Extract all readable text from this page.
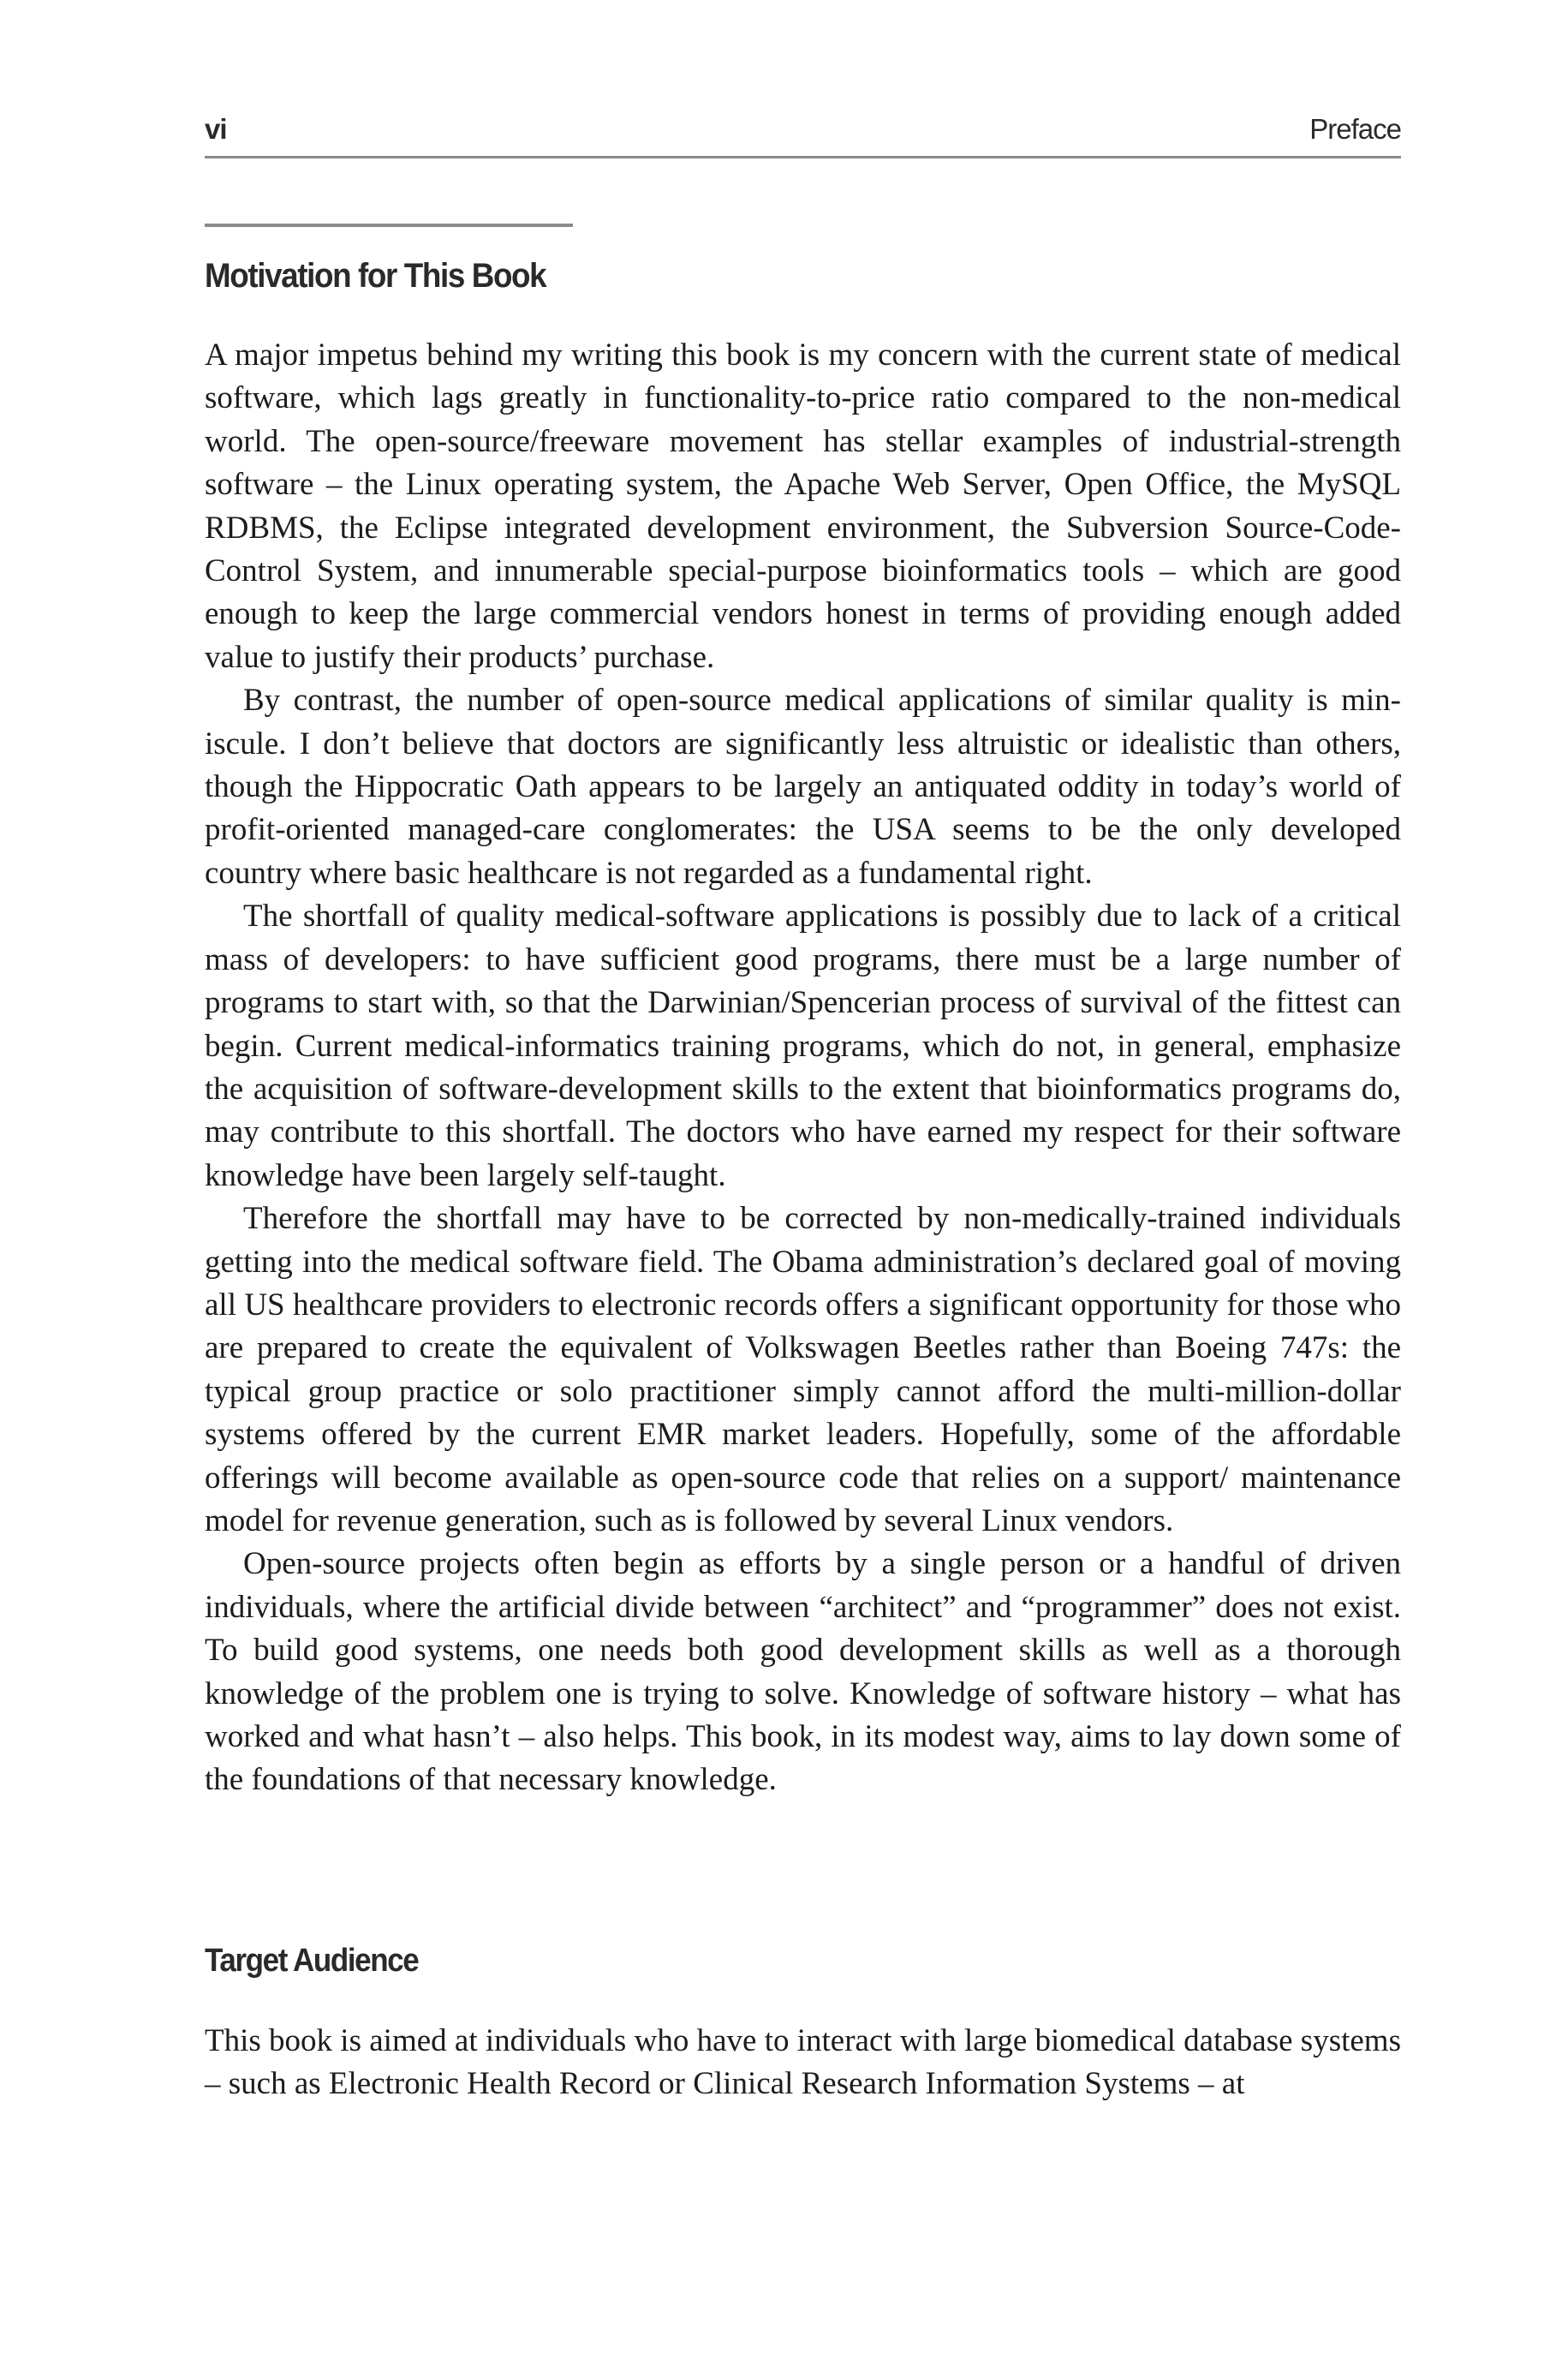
vi	Preface
Motivation for This Book

A major impetus behind my writing this book is my concern with the current state of medical software, which lags greatly in functionality-to-price ratio compared to the non-medical world. The open-source/freeware movement has stellar examples of industrial-strength software – the Linux operating system, the Apache Web Server, Open Office, the MySQL RDBMS, the Eclipse integrated development environment, the Subversion Source-Code-Control System, and innumerable special-purpose bioinformatics tools – which are good enough to keep the large commercial vendors honest in terms of providing enough added value to justify their products’ purchase.

By contrast, the number of open-source medical applications of similar quality is miniscule. I don’t believe that doctors are significantly less altruistic or idealistic than others, though the Hippocratic Oath appears to be largely an antiquated oddity in today’s world of profit-oriented managed-care conglomerates: the USA seems to be the only developed country where basic healthcare is not regarded as a fundamental right.

The shortfall of quality medical-software applications is possibly due to lack of a critical mass of developers: to have sufficient good programs, there must be a large number of programs to start with, so that the Darwinian/Spencerian process of survival of the fittest can begin. Current medical-informatics training programs, which do not, in general, emphasize the acquisition of software-development skills to the extent that bioinformatics programs do, may contribute to this shortfall. The doctors who have earned my respect for their software knowledge have been largely self-taught.

Therefore the shortfall may have to be corrected by non-medically-trained individuals getting into the medical software field. The Obama administration’s declared goal of moving all US healthcare providers to electronic records offers a significant opportunity for those who are prepared to create the equivalent of Volkswagen Beetles rather than Boeing 747s: the typical group practice or solo practitioner simply cannot afford the multi-million-dollar systems offered by the current EMR market leaders. Hopefully, some of the affordable offerings will become available as open-source code that relies on a support/ maintenance model for revenue generation, such as is followed by several Linux vendors.

Open-source projects often begin as efforts by a single person or a handful of driven individuals, where the artificial divide between “architect” and “programmer” does not exist. To build good systems, one needs both good development skills as well as a thorough knowledge of the problem one is trying to solve. Knowledge of software history – what has worked and what hasn’t – also helps. This book, in its modest way, aims to lay down some of the foundations of that necessary knowledge.

Target Audience

This book is aimed at individuals who have to interact with large biomedical database systems – such as Electronic Health Record or Clinical Research Information Systems – at
